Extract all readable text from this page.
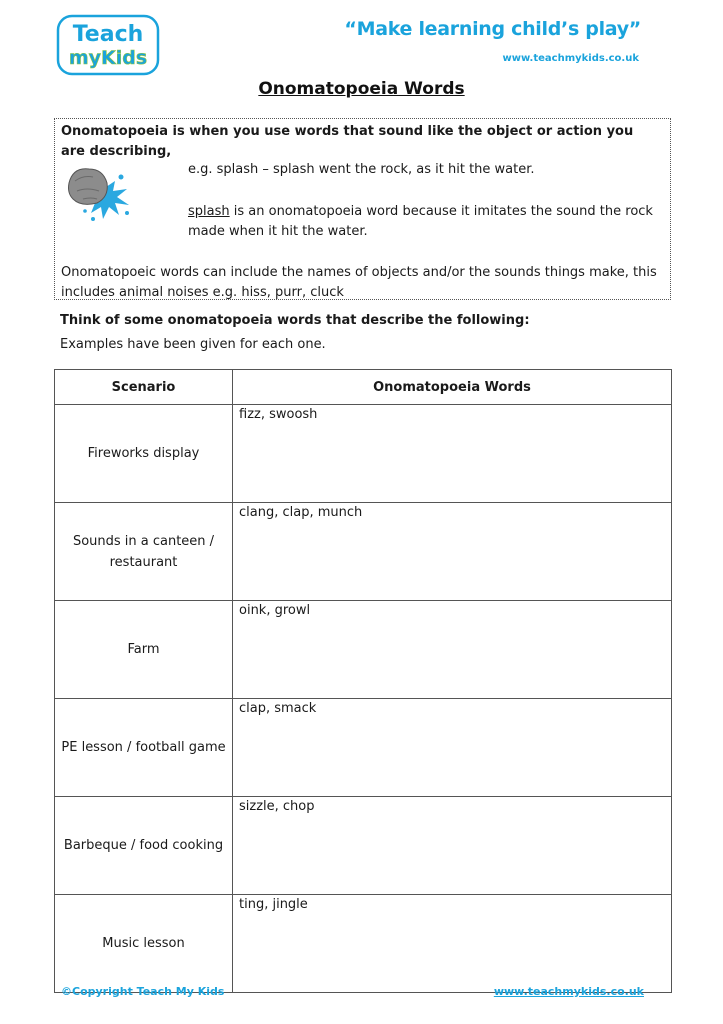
Teach
myKids
“Make learning child’s play”
www.teachmykids.co.uk
Onomatopoeia Words
Onomatopoeia is when you use words that sound like the object or action you are describing,
e.g. splash – splash went the rock, as it hit the water.
splash is an onomatopoeia word because it imitates the sound the rock made when it hit the water.
Onomatopoeic words can include the names of objects and/or the sounds things make, this includes animal noises e.g. hiss, purr, cluck
Think of some onomatopoeia words that describe the following:
Examples have been given for each one.
Scenario	Onomatopoeia Words
Fireworks display	fizz, swoosh
Sounds in a canteen / restaurant	clang, clap, munch
Farm	oink, growl
PE lesson / football game	clap, smack
Barbeque / food cooking	sizzle, chop
Music lesson	ting, jingle
©Copyright Teach My Kids	www.teachmykids.co.uk
